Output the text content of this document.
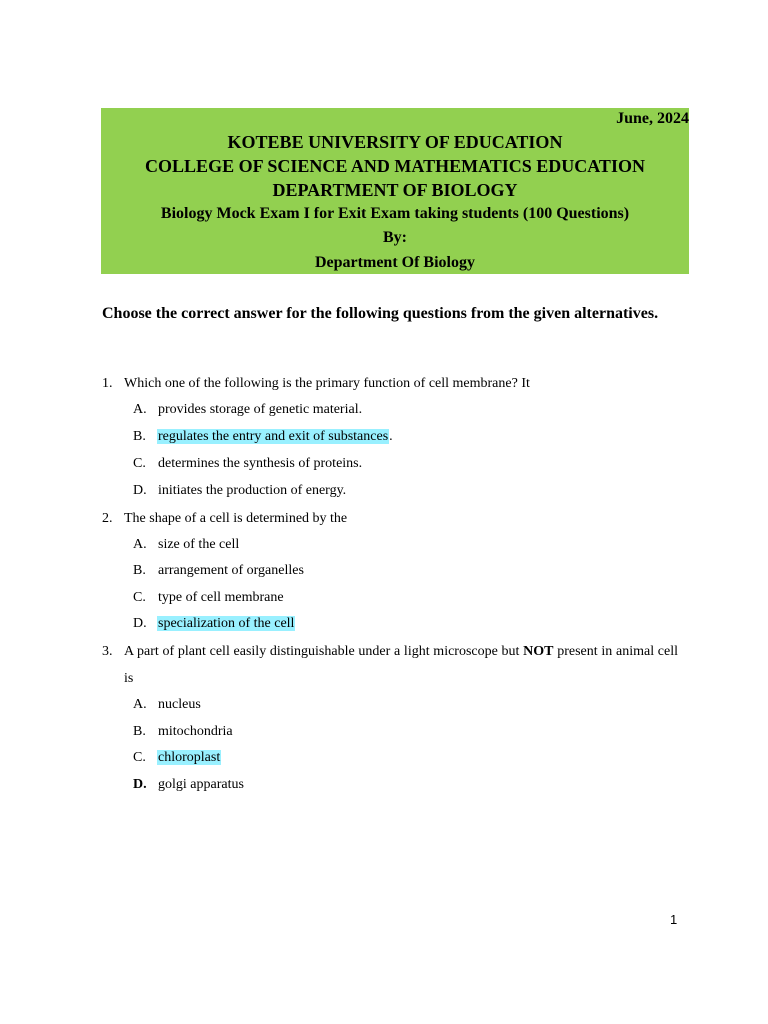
June, 2024
KOTEBE UNIVERSITY OF EDUCATION
COLLEGE OF SCIENCE AND MATHEMATICS EDUCATION
DEPARTMENT OF BIOLOGY
Biology Mock Exam I for Exit Exam taking students (100 Questions)
By:
Department Of Biology
Choose the correct answer for the following questions from the given alternatives.
1. Which one of the following is the primary function of cell membrane? It
A. provides storage of genetic material.
B. regulates the entry and exit of substances.
C. determines the synthesis of proteins.
D. initiates the production of energy.
2. The shape of a cell is determined by the
A. size of the cell
B. arrangement of organelles
C. type of cell membrane
D. specialization of the cell
3. A part of plant cell easily distinguishable under a light microscope but NOT present in animal cell is
A. nucleus
B. mitochondria
C. chloroplast
D. golgi apparatus
1
